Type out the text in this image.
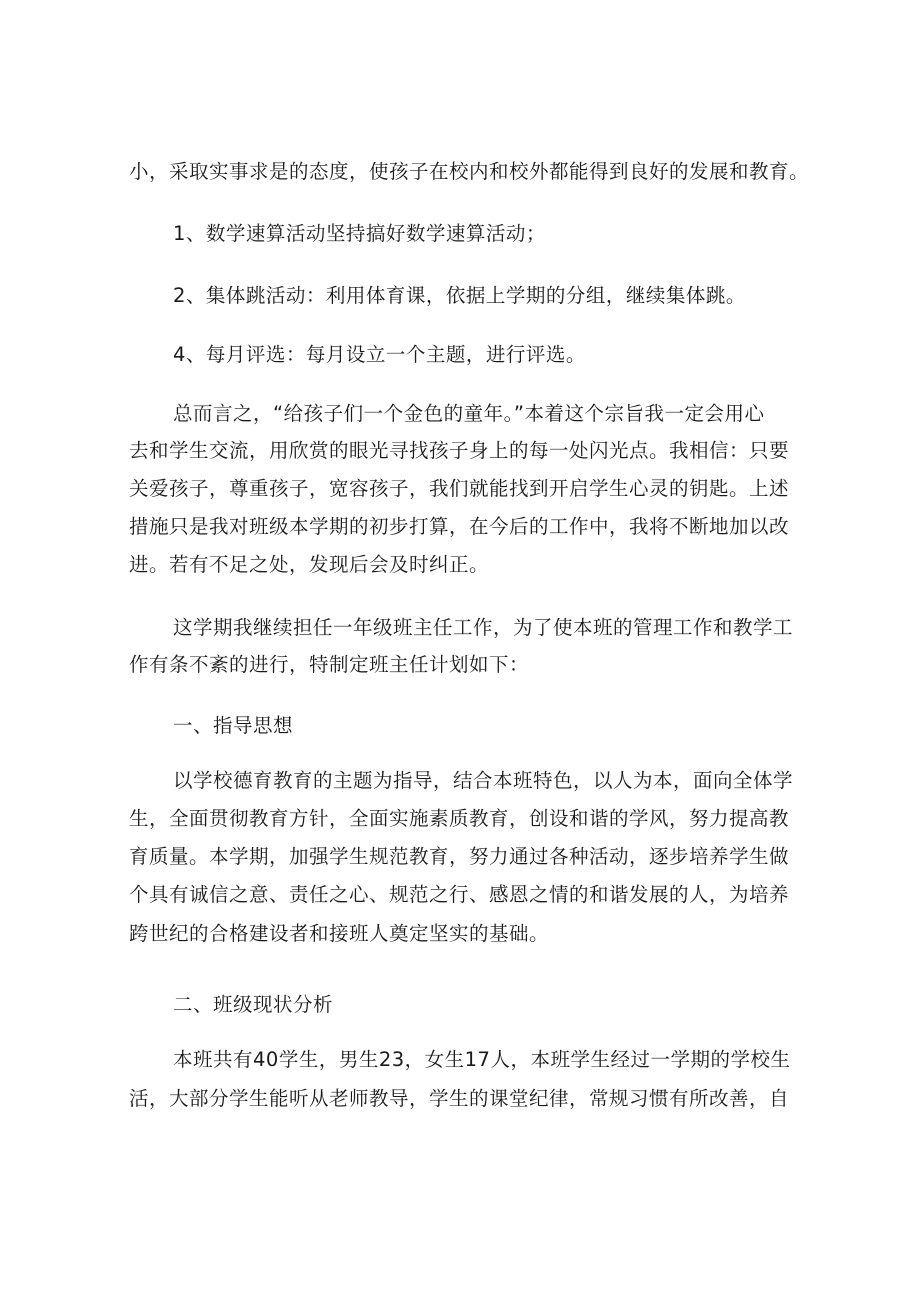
小，采取实事求是的态度，使孩子在校内和校外都能得到良好的发展和教育。

1、数学速算活动坚持搞好数学速算活动；

2、集体跳活动：利用体育课，依据上学期的分组，继续集体跳。

4、每月评选：每月设立一个主题，进行评选。

总而言之，“给孩子们一个金色的童年。”本着这个宗旨我一定会用心

去和学生交流，用欣赏的眼光寻找孩子身上的每一处闪光点。我相信：只要

关爱孩子，尊重孩子，宽容孩子，我们就能找到开启学生心灵的钥匙。上述

措施只是我对班级本学期的初步打算，在今后的工作中，我将不断地加以改

进。若有不足之处，发现后会及时纠正。

这学期我继续担任一年级班主任工作，为了使本班的管理工作和教学工

作有条不紊的进行，特制定班主任计划如下：

一、指导思想

以学校德育教育的主题为指导，结合本班特色，以人为本，面向全体学

生，全面贯彻教育方针，全面实施素质教育，创设和谐的学风，努力提高教

育质量。本学期，加强学生规范教育，努力通过各种活动，逐步培养学生做

个具有诚信之意、责任之心、规范之行、感恩之情的和谐发展的人，为培养

跨世纪的合格建设者和接班人奠定坚实的基础。

二、班级现状分析

本班共有40学生，男生23，女生17人，本班学生经过一学期的学校生

活，大部分学生能听从老师教导，学生的课堂纪律，常规习惯有所改善，自
